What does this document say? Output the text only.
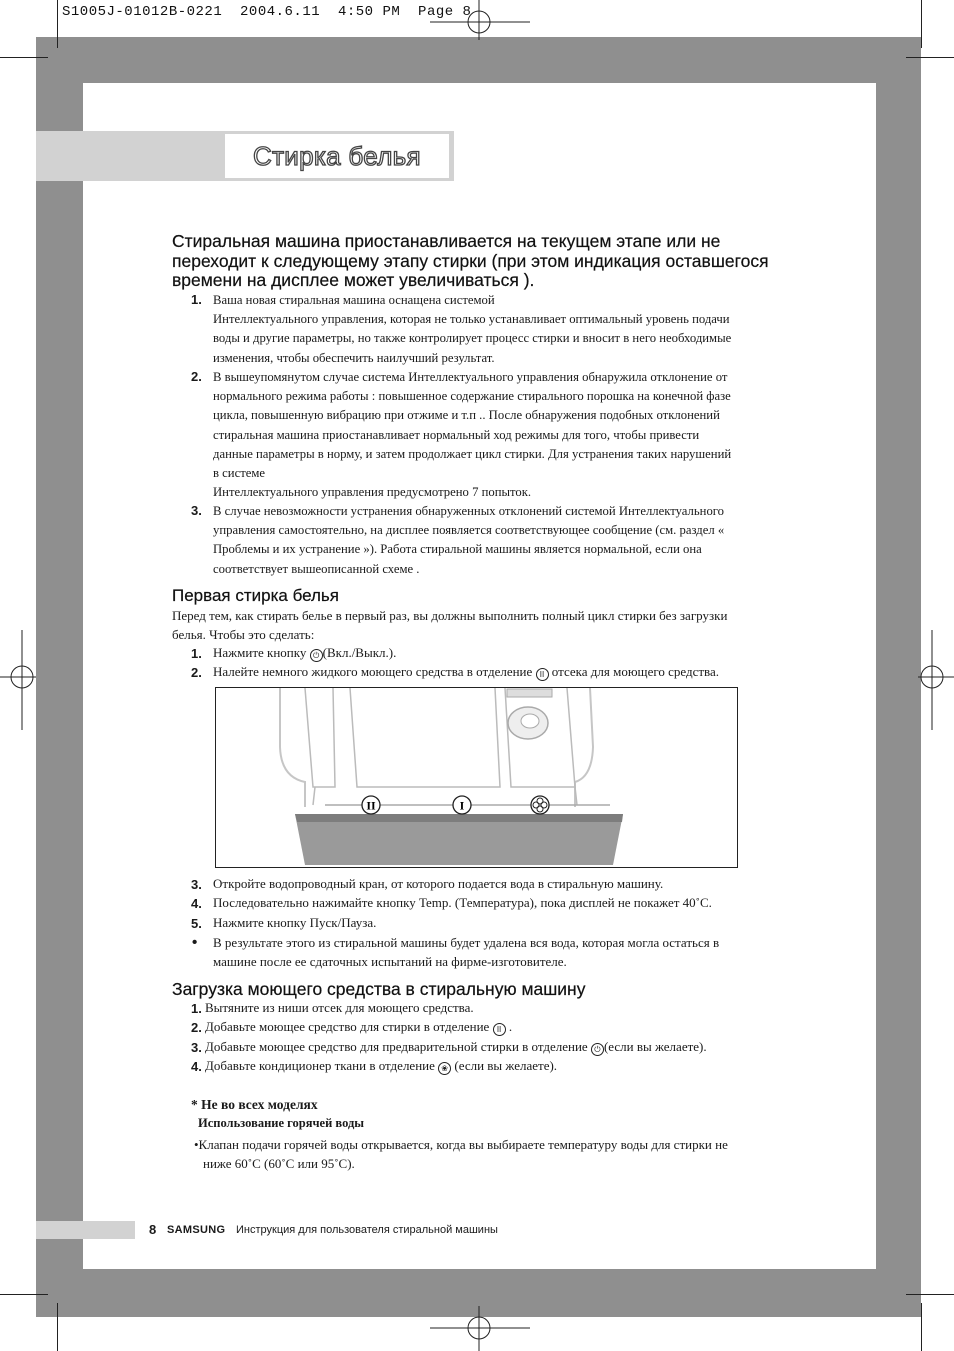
S1005J-01012B-0221  2004.6.11  4:50 PM  Page 8
Стирка белья
Стиральная машина приостанавливается на текущем этапе или не переходит к следующему этапу стирки (при этом индикация оставшегося времени на дисплее может увеличиваться ).
1. Ваша новая стиральная машина оснащена системой
Интеллектуального управления, которая не только устанавливает оптимальный уровень подачи
воды и другие параметры, но также контролирует процесс стирки и вносит в него необходимые
изменения, чтобы обеспечить наилучший результат.
2. В вышеупомянутом случае система Интеллектуального управления обнаружила отклонение от
нормального режима работы : повышенное содержание стирального порошка на конечной фазе
цикла, повышенную вибрацию при отжиме и т.п .. После обнаружения подобных отклонений
стиральная машина приостанавливает нормальный ход режимы для того, чтобы привести
данные параметры в норму, и затем продолжает цикл стирки. Для устранения таких нарушений
в системе
Интеллектуального управления предусмотрено 7 попыток.
3. В случае невозможности устранения обнаруженных отклонений системой Интеллектуального
управления самостоятельно, на дисплее появляется соответствующее сообщение (см. раздел «
Проблемы и их устранение »). Работа стиральной машины является нормальной, если она
соответствует вышеописанной схеме .
Первая стирка белья
Перед тем, как стирать белье в первый раз, вы должны выполнить полный цикл стирки без загрузки
белья. Чтобы это сделать:
1. Нажмите кнопку ⏻ (Вкл./Выкл.).
2. Налейте немного жидкого моющего средства в отделение II отсека для моющего средства.
II	I
3. Откройте водопроводный кран, от которого подается вода в стиральную машину.
4. Последовательно нажимайте кнопку Temp. (Температура), пока дисплей не покажет 40˚C.
5. Нажмите кнопку Пуск/Пауза.
• В результате этого из стиральной машины будет удалена вся вода, которая могла остаться в
машине после ее сдаточных испытаний на фирме-изготовителе.
Загрузка моющего средства в стиральную машину
1. Вытяните из ниши отсек для моющего средства.
2. Добавьте моющее средство для стирки в отделение II .
3. Добавьте моющее средство для предварительной стирки в отделение ⏻ (если вы желаете).
4. Добавьте кондиционер ткани в отделение ❀ (если вы желаете).
* Не во всех моделях
Использование горячей воды
•Клапан подачи горячей воды открывается, когда вы выбираете температуру воды для стирки не
ниже 60˚C (60˚C или 95˚C).
8 SAMSUNG Инструкция для пользователя стиральной машины
